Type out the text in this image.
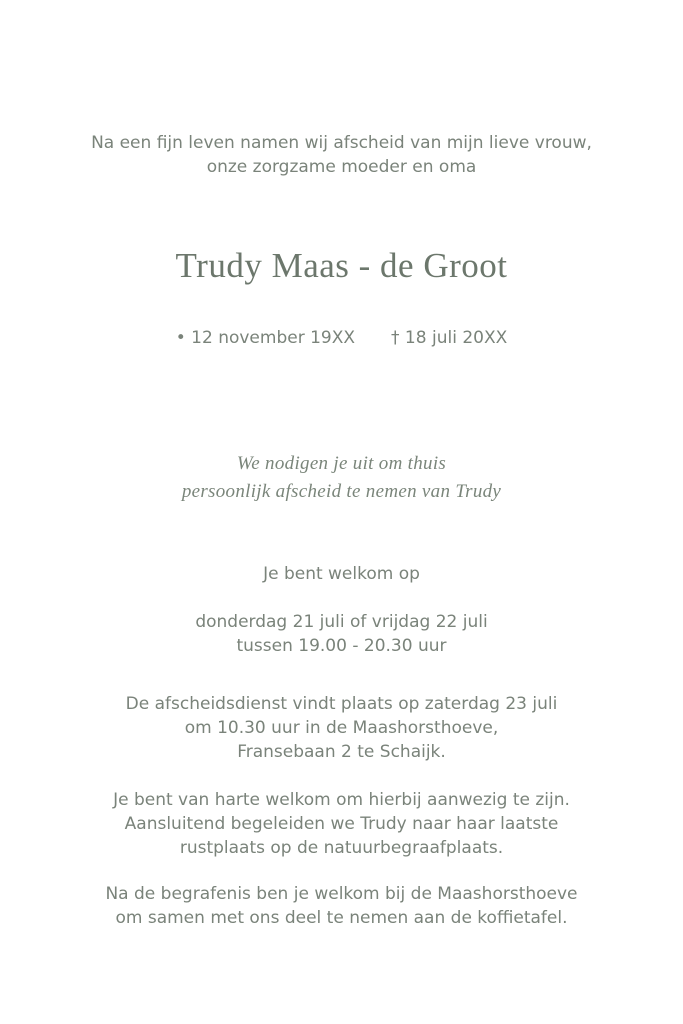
Na een fijn leven namen wij afscheid van mijn lieve vrouw,
onze zorgzame moeder en oma
Trudy Maas - de Groot
• 12 november 19XX † 18 juli 20XX
We nodigen je uit om thuis
persoonlijk afscheid te nemen van Trudy
Je bent welkom op
donderdag 21 juli of vrijdag 22 juli
tussen 19.00 - 20.30 uur
De afscheidsdienst vindt plaats op zaterdag 23 juli
om 10.30 uur in de Maashorsthoeve,
Fransebaan 2 te Schaijk.
Je bent van harte welkom om hierbij aanwezig te zijn.
Aansluitend begeleiden we Trudy naar haar laatste
rustplaats op de natuurbegraafplaats.
Na de begrafenis ben je welkom bij de Maashorsthoeve
om samen met ons deel te nemen aan de koffietafel.
